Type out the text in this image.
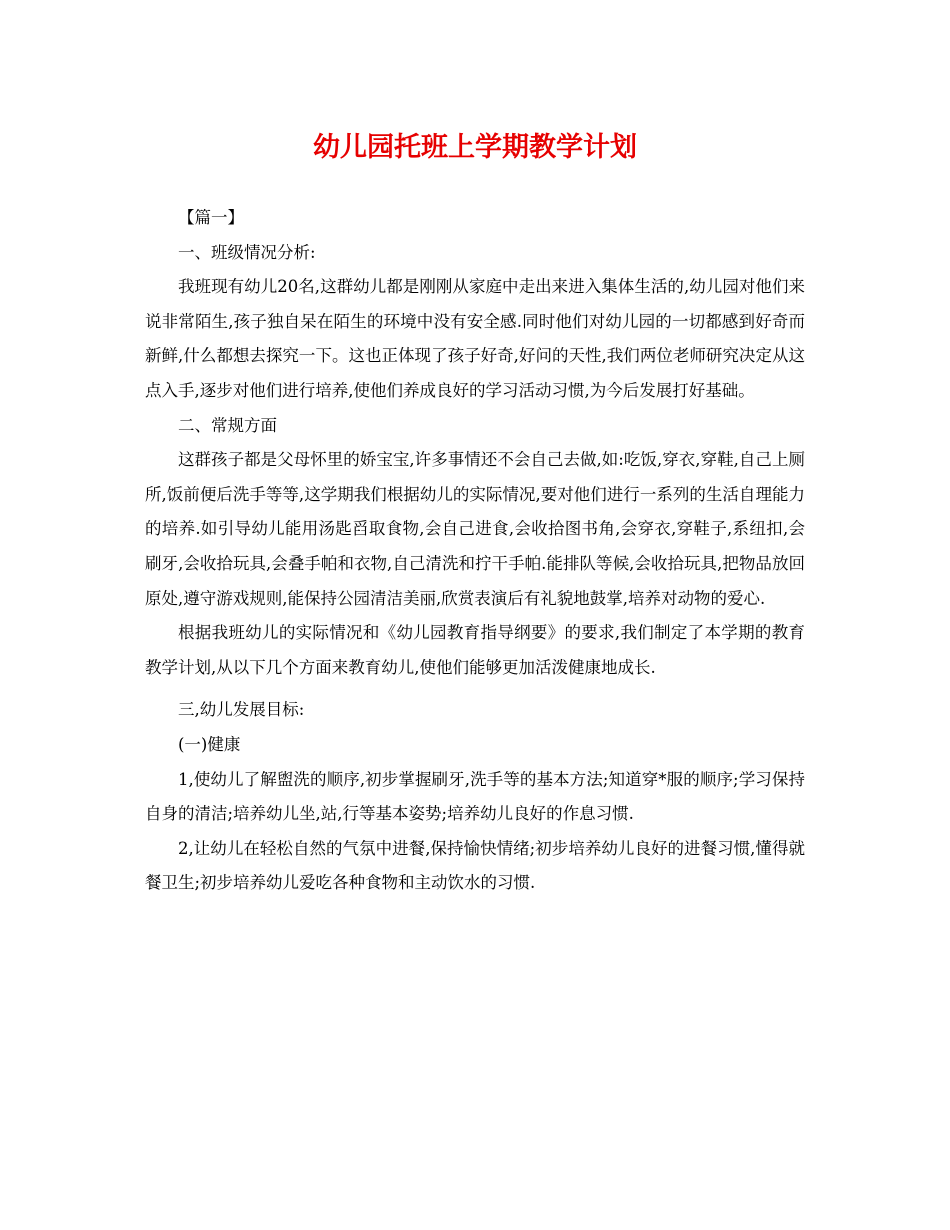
幼儿园托班上学期教学计划

【篇一】

一、班级情况分析:

我班现有幼儿20名,这群幼儿都是刚刚从家庭中走出来进入集体生活的,幼儿园对他们来说非常陌生,孩子独自呆在陌生的环境中没有安全感.同时他们对幼儿园的一切都感到好奇而新鲜,什么都想去探究一下。这也正体现了孩子好奇,好问的天性,我们两位老师研究决定从这点入手,逐步对他们进行培养,使他们养成良好的学习活动习惯,为今后发展打好基础。

二、常规方面

这群孩子都是父母怀里的娇宝宝,许多事情还不会自己去做,如:吃饭,穿衣,穿鞋,自己上厕所,饭前便后洗手等等,这学期我们根据幼儿的实际情况,要对他们进行一系列的生活自理能力的培养.如引导幼儿能用汤匙舀取食物,会自己进食,会收拾图书角,会穿衣,穿鞋子,系纽扣,会刷牙,会收拾玩具,会叠手帕和衣物,自己清洗和拧干手帕.能排队等候,会收拾玩具,把物品放回原处,遵守游戏规则,能保持公园清洁美丽,欣赏表演后有礼貌地鼓掌,培养对动物的爱心.

根据我班幼儿的实际情况和《幼儿园教育指导纲要》的要求,我们制定了本学期的教育教学计划,从以下几个方面来教育幼儿,使他们能够更加活泼健康地成长.

三,幼儿发展目标:

(一)健康

1,使幼儿了解盥洗的顺序,初步掌握刷牙,洗手等的基本方法;知道穿*服的顺序;学习保持自身的清洁;培养幼儿坐,站,行等基本姿势;培养幼儿良好的作息习惯.

2,让幼儿在轻松自然的气氛中进餐,保持愉快情绪;初步培养幼儿良好的进餐习惯,懂得就餐卫生;初步培养幼儿爱吃各种食物和主动饮水的习惯.
